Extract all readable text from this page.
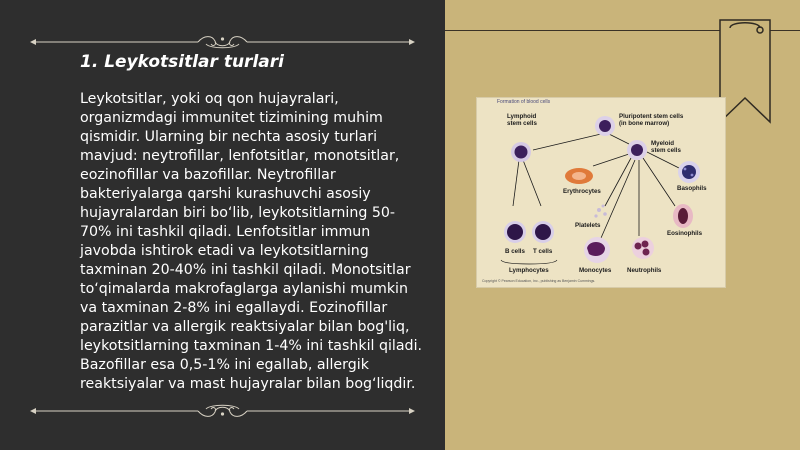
1. Leykotsitlar turlari

Leykotsitlar, yoki oq qon hujayralari, organizmdagi immunitet tizimining muhim qismidir. Ularning bir nechta asosiy turlari mavjud: neytrofillar, lenfotsitlar, monotsitlar, eozinofillar va bazofillar. Neytrofillar bakteriyalarga qarshi kurashuvchi asosiy hujayralardan biri bo‘lib, leykotsitlarning 50-70% ini tashkil qiladi. Lenfotsitlar immun javobda ishtirok etadi va leykotsitlarning taxminan 20-40% ini tashkil qiladi. Monotsitlar to‘qimalarda makrofaglarga aylanishi mumkin va taxminan 2-8% ini egallaydi. Eozinofillar parazitlar va allergik reaktsiyalar bilan bog'liq, leykotsitlarning taxminan 1-4% ini tashkil qiladi. Bazofillar esa 0,5-1% ini egallab, allergik reaktsiyalar va mast hujayralar bilan bog‘liqdir.

Formation of blood cells
Lymphoid
stem cells
Pluripotent stem cells
(in bone marrow)
Myeloid
stem cells
Erythrocytes	Basophils
Platelets
Eosinophils
B cells T cells
Lymphocytes	Monocytes	Neutrophils
Copyright © Pearson Education, Inc., publishing as Benjamin Cummings.
